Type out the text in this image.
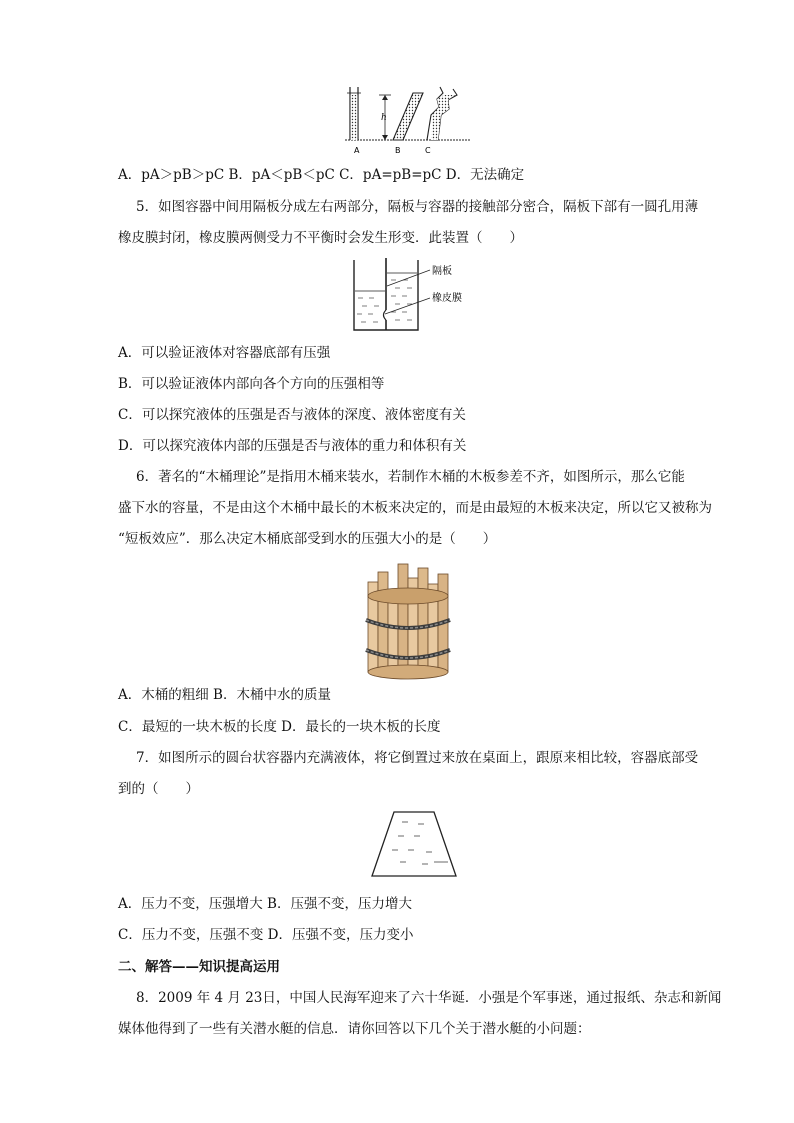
h
A	B	C
A．pA＞pB＞pC B．pA＜pB＜pC C．pA=pB=pC D．无法确定
5．如图容器中间用隔板分成左右两部分，隔板与容器的接触部分密合，隔板下部有一圆孔用薄
橡皮膜封闭，橡皮膜两侧受力不平衡时会发生形变．此装置（　　）
隔板
橡皮膜
A．可以验证液体对容器底部有压强
B．可以验证液体内部向各个方向的压强相等
C．可以探究液体的压强是否与液体的深度、液体密度有关
D．可以探究液体内部的压强是否与液体的重力和体积有关
6．著名的“木桶理论”是指用木桶来装水，若制作木桶的木板参差不齐，如图所示，那么它能
盛下水的容量，不是由这个木桶中最长的木板来决定的，而是由最短的木板来决定，所以它又被称为
“短板效应”．那么决定木桶底部受到水的压强大小的是（　　）
A．木桶的粗细 B．木桶中水的质量
C．最短的一块木板的长度 D．最长的一块木板的长度
7．如图所示的圆台状容器内充满液体，将它倒置过来放在桌面上，跟原来相比较，容器底部受
到的（　　）
A．压力不变，压强增大 B．压强不变，压力增大
C．压力不变，压强不变 D．压强不变，压力变小
二、解答——知识提高运用
8．2009 年 4 月 23日，中国人民海军迎来了六十华诞．小强是个军事迷，通过报纸、杂志和新闻
媒体他得到了一些有关潜水艇的信息．请你回答以下几个关于潜水艇的小问题：
